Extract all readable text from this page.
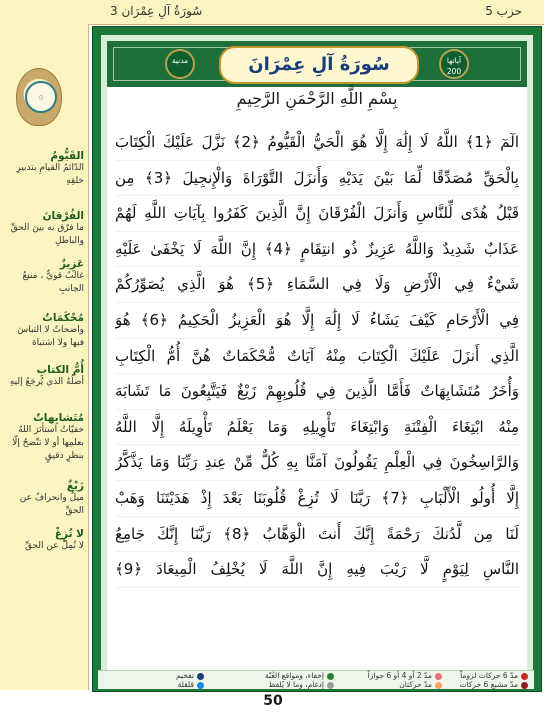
۞
القَيُّومُ
الدّائمُ القيامِ بتدبيرِ خلقِهِ
الفُرْقانَ
ما فرّق به بينَ الحقِّ والباطلِ
عَزِيزٌ
غالبٌ قويٌّ ، منيعُ الجانبِ
مُحْكَمَاتٌ
واضحاتٌ لا التباسَ فيها ولا اشتباهَ
أُمُّ الكتابِ
أصلُهُ الذي يُرجَعُ إليهِ
مُتَشابِهاتٌ
خفيّاتٌ استأثرَ اللهُ بعلمِها أو لا تتّضحُ إلّا بنظرٍ دقيقٍ
زَيْغٌ
ميلٌ وانحرافٌ عن الحقِّ
لا تُزِغْ
لا تُمِلْ عن الحقِّ
سُورَةُ آلِ عِمْرَان 3	حزب 5
مدنية	سُورَةُ آلِ عِمْرَانَ	آياتها 200
بِسْمِ اللَّهِ الرَّحْمَنِ الرَّحِيمِ
الٓمٓ ﴿1﴾ اللَّهُ لَا إِلَٰهَ إِلَّا هُوَ الْحَيُّ الْقَيُّومُ ﴿2﴾ نَزَّلَ عَلَيْكَ الْكِتَابَ
بِالْحَقِّ مُصَدِّقًا لِّمَا بَيْنَ يَدَيْهِ وَأَنزَلَ التَّوْرَاةَ وَالْإِنجِيلَ ﴿3﴾ مِن
قَبْلُ هُدًى لِّلنَّاسِ وَأَنزَلَ الْفُرْقَانَ إِنَّ الَّذِينَ كَفَرُوا بِآيَاتِ اللَّهِ لَهُمْ
عَذَابٌ شَدِيدٌ وَاللَّهُ عَزِيزٌ ذُو انتِقَامٍ ﴿4﴾ إِنَّ اللَّهَ لَا يَخْفَىٰ عَلَيْهِ
شَيْءٌ فِي الْأَرْضِ وَلَا فِي السَّمَاءِ ﴿5﴾ هُوَ الَّذِي يُصَوِّرُكُمْ
فِي الْأَرْحَامِ كَيْفَ يَشَاءُ لَا إِلَٰهَ إِلَّا هُوَ الْعَزِيزُ الْحَكِيمُ ﴿6﴾ هُوَ
الَّذِي أَنزَلَ عَلَيْكَ الْكِتَابَ مِنْهُ آيَاتٌ مُّحْكَمَاتٌ هُنَّ أُمُّ الْكِتَابِ
وَأُخَرُ مُتَشَابِهَاتٌ فَأَمَّا الَّذِينَ فِي قُلُوبِهِمْ زَيْغٌ فَيَتَّبِعُونَ مَا تَشَابَهَ
مِنْهُ ابْتِغَاءَ الْفِتْنَةِ وَابْتِغَاءَ تَأْوِيلِهِ وَمَا يَعْلَمُ تَأْوِيلَهُ إِلَّا اللَّهُ
وَالرَّاسِخُونَ فِي الْعِلْمِ يَقُولُونَ آمَنَّا بِهِ كُلٌّ مِّنْ عِندِ رَبِّنَا وَمَا يَذَّكَّرُ
إِلَّا أُولُو الْأَلْبَابِ ﴿7﴾ رَبَّنَا لَا تُزِغْ قُلُوبَنَا بَعْدَ إِذْ هَدَيْتَنَا وَهَبْ
لَنَا مِن لَّدُنكَ رَحْمَةً إِنَّكَ أَنتَ الْوَهَّابُ ﴿8﴾ رَبَّنَا إِنَّكَ جَامِعُ
النَّاسِ لِيَوْمٍ لَّا رَيْبَ فِيهِ إِنَّ اللَّهَ لَا يُخْلِفُ الْمِيعَادَ ﴿9﴾
مدّ 6 حركات لزوماً
مدّ 2 أو 4 أو 6 جوازاً
مدّ مشبع 6 حركات
مدّ حركتان
إخفاء، ومواقع الغُنّة
إدغام، وما لا يُلفظ
تفخيم
قلقلة
50
